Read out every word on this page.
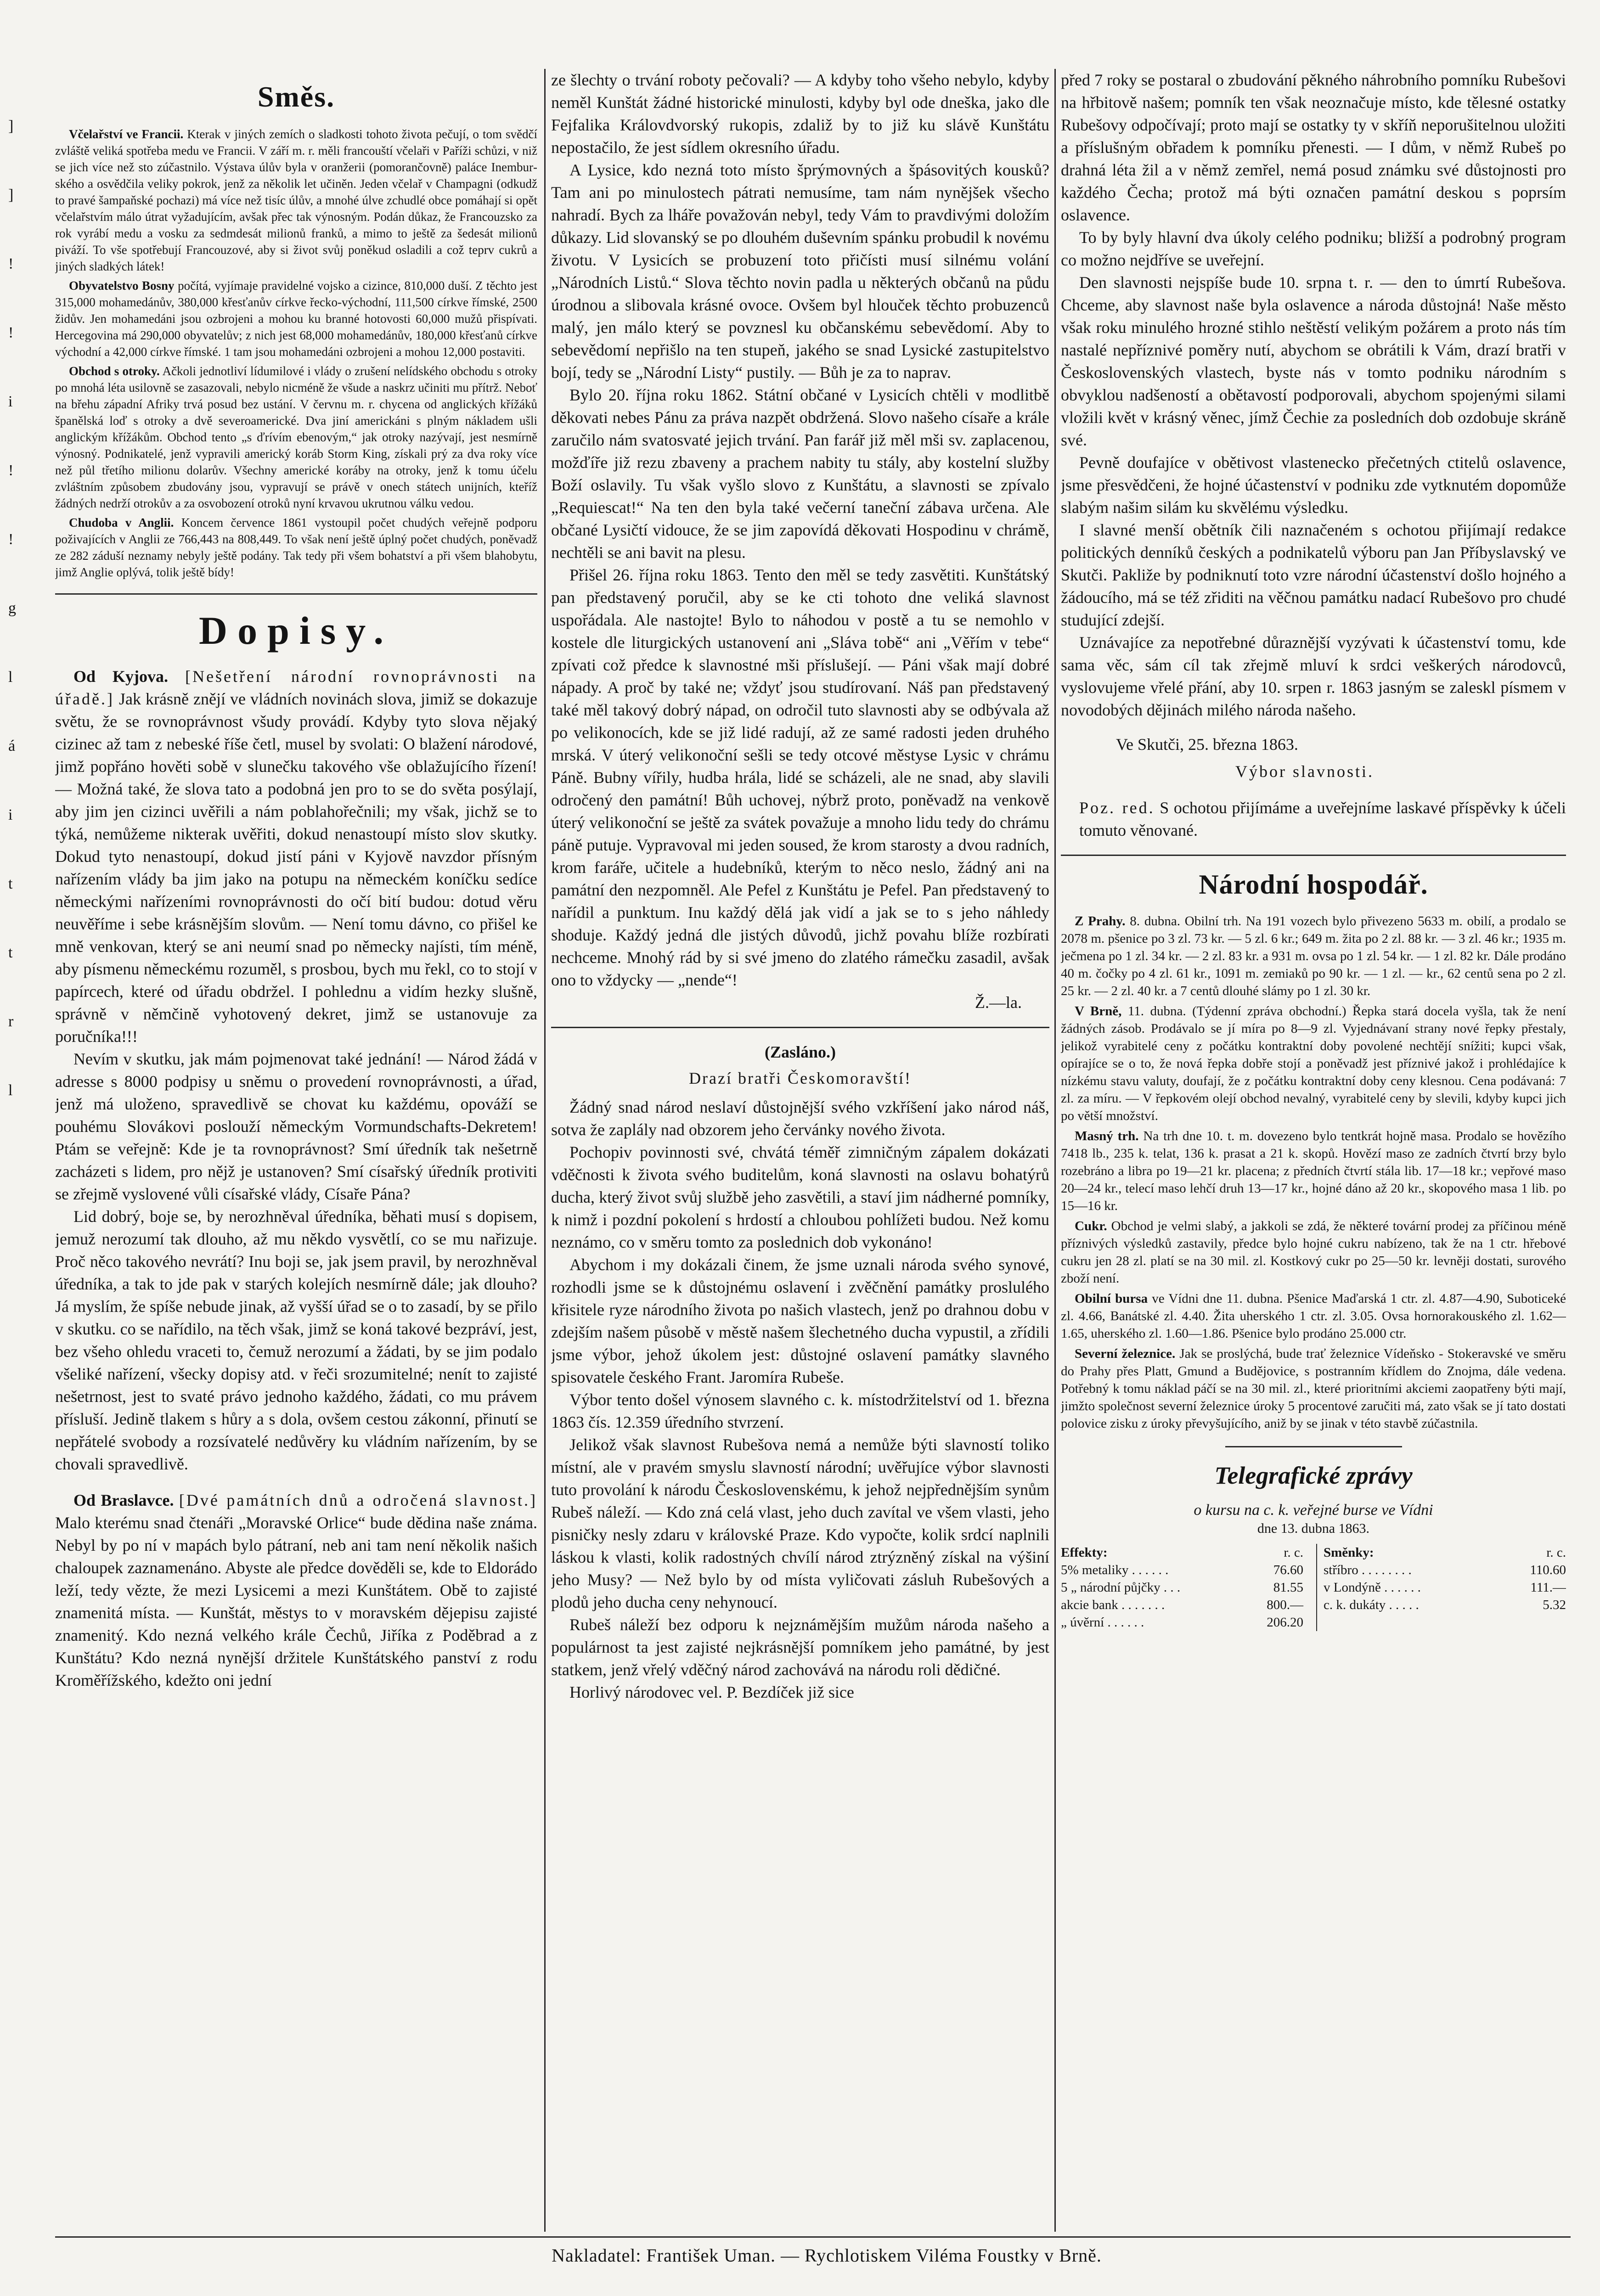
]
]
!
!
i
!
!
g
l
á
i
t
t
r
l
Směs.

Včelařství ve Francii. Kterak v jiných zemích o sladkosti tohoto života pečují, o tom svědčí zvláště veliká spotřeba medu ve Francii. V září m. r. měli francouští včelaři v Paříži schůzi, v niž se jich více než sto zúčastnilo. Výstava úlův byla v oranžerii (pomorančovně) paláce Inemburského a osvědčila veliky pokrok, jenž za několik let učiněn. Jeden včelař v Champagni (odkudž to pravé šampaňské pochazi) má více než tisíc úlův, a mnohé úlve zchudlé obce pomáhají si opět včelařstvím málo útrat vyžadujícím, avšak přec tak výnosným. Podán důkaz, že Francouzsko za rok vyrábí medu a vosku za sedmdesát milionů franků, a mimo to ještě za šedesát milionů piváží. To vše spotřebují Francouzové, aby si život svůj poněkud osladili a což teprv cukrů a jiných sladkých látek!

Obyvatelstvo Bosny počítá, vyjímaje pravidelné vojsko a cizince, 810,000 duší. Z těchto jest 315,000 mohamedánův, 380,000 křesťanův církve řecko-východní, 111,500 církve římské, 2500 židův. Jen mohamedáni jsou ozbrojeni a mohou ku branné hotovosti 60,000 mužů přispívati. Hercegovina má 290,000 obyvatelův; z nich jest 68,000 mohamedánův, 180,000 křesťanů církve východní a 42,000 církve římské. 1 tam jsou mohamedáni ozbrojeni a mohou 12,000 postaviti.

Obchod s otroky. Ačkoli jednotliví lídumilové i vlády o zrušení nelídského obchodu s otroky po mnohá léta usilovně se zasazovali, nebylo nicméně že všude a naskrz učiniti mu přítrž. Neboť na břehu západní Afriky trvá posud bez ustání. V červnu m. r. chycena od anglických křížáků španělská loď s otroky a dvě severoamerické. Dva jiní americkáni s plným nákladem ušli anglickým křížákům. Obchod tento „s ďrívím ebenovým,“ jak otroky nazývají, jest nesmírně výnosný. Podnikatelé, jenž vypravili americký koráb Storm King, získali prý za dva roky více než půl třetího milionu dolarův. Všechny americké koráby na otroky, jenž k tomu účelu zvláštním způsobem zbudovány jsou, vypravují se právě v onech státech unijních, kteříž žádných nedrží otrokův a za osvobození otroků nyní krvavou ukrutnou válku vedou.

Chudoba v Anglii. Koncem července 1861 vystoupil počet chudých veřejně podporu poživajících v Anglii ze 766,443 na 808,449. To však není ještě úplný počet chudých, poněvadž ze 282 záduší neznamy nebyly ještě podány. Tak tedy při všem bohatství a při všem blahobytu, jimž Anglie oplývá, tolik ještě bídy!

Dopisy.

Od Kyjova. [Nešetření národní rovnoprávnosti na úřadě.] Jak krásně znějí ve vládních novinách slova, jimiž se dokazuje světu, že se rovnoprávnost všudy provádí. Kdyby tyto slova nějaký cizinec až tam z nebeské říše četl, musel by svolati: O blažení národové, jimž popřáno hověti sobě v slunečku takového vše oblažujícího řízení! — Možná také, že slova tato a podobná jen pro to se do světa posýlají, aby jim jen cizinci uvěřili a nám poblahořečnili; my však, jichž se to týká, nemůžeme nikterak uvěřiti, dokud nenastoupí místo slov skutky. Dokud tyto nenastoupí, dokud jistí páni v Kyjově navzdor přísným nařízením vlády ba jim jako na potupu na německém koníčku sedíce německými nařízeními rovnoprávnosti do očí bití budou: dotud věru neuvěříme i sebe krásnějším slovům. — Není tomu dávno, co přišel ke mně venkovan, který se ani neumí snad po německy najísti, tím méně, aby písmenu německému rozuměl, s prosbou, bych mu řekl, co to stojí v papírcech, které od úřadu obdržel. I pohlednu a vidím hezky slušně, správně v němčině vyhotovený dekret, jimž se ustanovuje za poručníka!!!

Nevím v skutku, jak mám pojmenovat také jednání! — Národ žádá v adresse s 8000 podpisy u sněmu o provedení rovnoprávnosti, a úřad, jenž má uloženo, spravedlivě se chovat ku každému, opováží se pouhému Slovákovi poslouží německým Vormundschafts-Dekretem! Ptám se veřejně: Kde je ta rovnoprávnost? Smí úředník tak nešetrně zacházeti s lidem, pro nějž je ustanoven? Smí císařský úředník protiviti se zřejmě vyslovené vůli císařské vlády, Císaře Pána?

Lid dobrý, boje se, by nerozhněval úředníka, běhati musí s dopisem, jemuž nerozumí tak dlouho, až mu někdo vysvětlí, co se mu nařizuje. Proč něco takového nevrátí? Inu boji se, jak jsem pravil, by nerozhněval úředníka, a tak to jde pak v starých kolejích nesmírně dále; jak dlouho? Já myslím, že spíše nebude jinak, až vyšší úřad se o to zasadí, by se přilo v skutku. co se nařídilo, na těch však, jimž se koná takové bezpráví, jest, bez všeho ohledu vraceti to, čemuž nerozumí a žádati, by se jim podalo všeliké nařízení, všecky dopisy atd. v řeči srozumitelné; nenít to zajisté nešetrnost, jest to svaté právo jednoho každého, žádati, co mu právem přísluší. Jedině tlakem s hůry a s dola, ovšem cestou zákonní, přinutí se nepřátelé svobody a rozsívatelé nedůvěry ku vládním nařízením, by se chovali spravedlivě.

Od Braslavce. [Dvé památních dnů a odročená slavnost.] Malo kterému snad čtenáři „Moravské Orlice“ bude dědina naše známa. Nebyl by po ní v mapách bylo pátraní, neb ani tam není několik našich chaloupek zaznamenáno. Abyste ale předce dověděli se, kde to Eldorádo leží, tedy vězte, že mezi Lysicemi a mezi Kunštátem. Obě to zajisté znamenitá místa. — Kunštát, městys to v moravském dějepisu zajisté znamenitý. Kdo nezná velkého krále Čechů, Jiříka z Poděbrad a z Kunštátu? Kdo nezná nynější držitele Kunštátského panství z rodu Kroměřížského, kdežto oni jední

ze šlechty o trvání roboty pečovali? — A kdyby toho všeho nebylo, kdyby neměl Kunštát žádné historické minulosti, kdyby byl ode dneška, jako dle Fejfalika Královdvorský rukopis, zdaliž by to již ku slávě Kunštátu nepostačilo, že jest sídlem okresního úřadu.

A Lysice, kdo nezná toto místo šprýmovných a špásovitých kousků? Tam ani po minulostech pátrati nemusíme, tam nám nynějšek všecho nahradí. Bych za lháře považován nebyl, tedy Vám to pravdivými doložím důkazy. Lid slovanský se po dlouhém duševním spánku probudil k novému životu. V Lysicích se probuzení toto přičísti musí silnému volání „Národních Listů.“ Slova těchto novin padla u některých občanů na půdu úrodnou a slibovala krásné ovoce. Ovšem byl hlouček těchto probuzenců malý, jen málo který se povznesl ku občanskému sebevědomí. Aby to sebevědomí nepřišlo na ten stupeň, jakého se snad Lysické zastupitelstvo bojí, tedy se „Národní Listy“ pustily. — Bůh je za to naprav.

Bylo 20. října roku 1862. Státní občané v Lysicích chtěli v modlitbě děkovati nebes Pánu za práva nazpět obdržená. Slovo našeho císaře a krále zaručilo nám svatosvaté jejich trvání. Pan farář již měl mši sv. zaplacenou, možďíře již rezu zbaveny a prachem nabity tu stály, aby kostelní služby Boží oslavily. Tu však vyšlo slovo z Kunštátu, a slavnosti se zpívalo „Requiescat!“ Na ten den byla také večerní taneční zábava určena. Ale občané Lysičtí vidouce, že se jim zapovídá děkovati Hospodinu v chrámě, nechtěli se ani bavit na plesu.

Přišel 26. října roku 1863. Tento den měl se tedy zasvětiti. Kunštátský pan představený poručil, aby se ke cti tohoto dne veliká slavnost uspořádala. Ale nastojte! Bylo to náhodou v postě a tu se nemohlo v kostele dle liturgických ustanovení ani „Sláva tobě“ ani „Věřím v tebe“ zpívati což předce k slavnostné mši příslušejí. — Páni však mají dobré nápady. A proč by také ne; vždyť jsou studírovaní. Náš pan představený také měl takový dobrý nápad, on odročil tuto slavnosti aby se odbývala až po velikonocích, kde se již lidé radují, až ze samé radosti jeden druhého mrská. V úterý velikonoční sešli se tedy otcové městyse Lysic v chrámu Páně. Bubny vířily, hudba hrála, lidé se scházeli, ale ne snad, aby slavili odročený den památní! Bůh uchovej, nýbrž proto, poněvadž na venkově úterý velikonoční se ještě za svátek považuje a mnoho lidu tedy do chrámu páně putuje. Vypravoval mi jeden soused, že krom starosty a dvou radních, krom faráře, učitele a hudebníků, kterým to něco neslo, žádný ani na památní den nezpomněl. Ale Pefel z Kunštátu je Pefel. Pan představený to nařídil a punktum. Inu každý dělá jak vidí a jak se to s jeho náhledy shoduje. Každý jedná dle jistých důvodů, jichž povahu blíže rozbírati nechceme. Mnohý rád by si své jmeno do zlatého rámečku zasadil, avšak ono to vždycky — „nende“!

Ž.—la.

(Zasláno.)

Drazí bratři Českomoravští!

Žádný snad národ neslaví důstojnější svého vzkříšení jako národ náš, sotva že zaplály nad obzorem jeho červánky nového života.

Pochopiv povinnosti své, chvátá téměř zimničným zápalem dokázati vděčnosti k života svého buditelům, koná slavnosti na oslavu bohatýrů ducha, který život svůj službě jeho zasvětili, a staví jim nádherné pomníky, k nimž i pozdní pokolení s hrdostí a chloubou pohlížeti budou. Než komu neznámo, co v směru tomto za poslednich dob vykonáno!

Abychom i my dokázali činem, že jsme uznali národa svého synové, rozhodli jsme se k důstojnému oslavení i zvěčnění památky proslulého křisitele ryze národního života po našich vlastech, jenž po drahnou dobu v zdejším našem působě v městě našem šlechetného ducha vypustil, a zřídili jsme výbor, jehož úkolem jest: důstojné oslavení památky slavného spisovatele českého Frant. Jaromíra Rubeše.

Výbor tento došel výnosem slavného c. k. místodržitelství od 1. března 1863 čís. 12.359 úředního stvrzení.

Jelikož však slavnost Rubešova nemá a nemůže býti slavností toliko místní, ale v pravém smyslu slavností národní; uvěřujíce výbor slavnosti tuto provolání k národu Československému, k jehož nejpřednějším synům Rubeš náleží. — Kdo zná celá vlast, jeho duch zavítal ve všem vlasti, jeho pisničky nesly zdaru v královské Praze. Kdo vypočte, kolik srdcí naplnili láskou k vlasti, kolik radostných chvílí národ ztrýzněný získal na výšiní jeho Musy? — Než bylo by od místa vyličovati zásluh Rubešových a plodů jeho ducha ceny nehynoucí.

Rubeš náleží bez odporu k nejznámějším mužům národa našeho a populárnost ta jest zajisté nejkrásnější pomníkem jeho památné, by jest statkem, jenž vřelý vděčný národ zachovává na národu roli dědičné.

Horlivý národovec vel. P. Bezdíček již sice

před 7 roky se postaral o zbudování pěkného náhrobního pomníku Rubešovi na hřbitově našem; pomník ten však neoznačuje místo, kde tělesné ostatky Rubešovy odpočívají; proto mají se ostatky ty v skříň neporušitelnou uložiti a příslušným obřadem k pomníku přenesti. — I dům, v němž Rubeš po drahná léta žil a v němž zemřel, nemá posud známku své důstojnosti pro každého Čecha; protož má býti označen památní deskou s poprsím oslavence.

To by byly hlavní dva úkoly celého podniku; bližší a podrobný program co možno nejdříve se uveřejní.

Den slavnosti nejspíše bude 10. srpna t. r. — den to úmrtí Rubešova. Chceme, aby slavnost naše byla oslavence a národa důstojná! Naše město však roku minulého hrozné stihlo neštěstí velikým požárem a proto nás tím nastalé nepříznivé poměry nutí, abychom se obrátili k Vám, drazí bratři v Československých vlastech, byste nás v tomto podniku národním s obvyklou nadšeností a obětavostí podporovali, abychom spojenými silami vložili květ v krásný věnec, jímž Čechie za posledních dob ozdobuje skráně své.

Pevně doufajíce v obětivost vlastenecko přečetných ctitelů oslavence, jsme přesvědčeni, že hojné účastenství v podniku zde vytknutém dopomůže slabým našim silám ku skvělému výsledku.

I slavné menší obětník čili naznačeném s ochotou přijímají redakce politických denníků českých a podnikatelů výboru pan Jan Příbyslavský ve Skutči. Pakliže by podniknutí toto vzre národní účastenství došlo hojného a žádoucího, má se též zřiditi na věčnou památku nadací Rubešovo pro chudé studující zdejší.

Uznávajíce za nepotřebné důraznější vyzývati k účastenství tomu, kde sama věc, sám cíl tak zřejmě mluví k srdci veškerých národovců, vyslovujeme vřelé přání, aby 10. srpen r. 1863 jasným se zaleskl písmem v novodobých dějinách milého národa našeho.

Ve Skutči, 25. března 1863.

Výbor slavnosti.

Poz. red. S ochotou přijímáme a uveřejníme laskavé příspěvky k účeli tomuto věnované.

Národní hospodář.

Z Prahy. 8. dubna. Obilní trh. Na 191 vozech bylo přivezeno 5633 m. obilí, a prodalo se 2078 m. pšenice po 3 zl. 73 kr. — 5 zl. 6 kr.; 649 m. žita po 2 zl. 88 kr. — 3 zl. 46 kr.; 1935 m. ječmena po 1 zl. 34 kr. — 2 zl. 83 kr. a 931 m. ovsa po 1 zl. 54 kr. — 1 zl. 82 kr. Dále prodáno 40 m. čočky po 4 zl. 61 kr., 1091 m. zemiaků po 90 kr. — 1 zl. — kr., 62 centů sena po 2 zl. 25 kr. — 2 zl. 40 kr. a 7 centů dlouhé slámy po 1 zl. 30 kr.

V Brně, 11. dubna. (Týdenní zpráva obchodní.) Řepka stará docela vyšla, tak že není žádných zásob. Prodávalo se jí míra po 8—9 zl. Vyjednávaní strany nové řepky přestaly, jelikož vyrabitelé ceny z počátku kontraktní doby povolené nechtějí snížiti; kupci však, opírajíce se o to, že nová řepka dobře stojí a poněvadž jest příznivé jakož i prohlédajíce k nízkému stavu valuty, doufají, že z počátku kontraktní doby ceny klesnou. Cena podávaná: 7 zl. za míru. — V řepkovém olejí obchod nevalný, vyrabitelé ceny by slevili, kdyby kupci jich po větší množství.

Masný trh. Na trh dne 10. t. m. dovezeno bylo tentkrát hojně masa. Prodalo se hovězího 7418 lb., 235 k. telat, 136 k. prasat a 21 k. skopů. Hovězí maso ze zadních čtvrtí brzy bylo rozebráno a libra po 19—21 kr. placena; z předních čtvrtí stála lib. 17—18 kr.; vepřové maso 20—24 kr., telecí maso lehčí druh 13—17 kr., hojné dáno až 20 kr., skopového masa 1 lib. po 15—16 kr.

Cukr. Obchod je velmi slabý, a jakkoli se zdá, že některé tovární prodej za příčinou méně příznivých výsledků zastavily, předce bylo hojné cukru nabízeno, tak že na 1 ctr. hřebové cukru jen 28 zl. platí se na 30 mil. zl. Kostkový cukr po 25—50 kr. levněji dostati, surového zboží není.

Obilní bursa ve Vídni dne 11. dubna. Pšenice Maďarská 1 ctr. zl. 4.87—4.90, Suboticeké zl. 4.66, Banátské zl. 4.40. Žita uherského 1 ctr. zl. 3.05. Ovsa hornorakouského zl. 1.62—1.65, uherského zl. 1.60—1.86. Pšenice bylo prodáno 25.000 ctr.

Severní železnice. Jak se proslýchá, bude trať železnice Vídeňsko - Stokeravské ve směru do Prahy přes Platt, Gmund a Budějovice, s postranním křídlem do Znojma, dále vedena. Potřebný k tomu náklad páčí se na 30 mil. zl., které prioritními akciemi zaopatřeny býti mají, jimžto společnost severní železnice úroky 5 procentové zaručiti má, zato však se jí tato dostati polovice zisku z úroky převyšujícího, aniž by se jinak v této stavbě zúčastnila.

Telegrafické zprávy

o kursu na c. k. veřejné burse ve Vídni

dne 13. dubna 1863.

Effekty:	r. c.
5% metaliky . . . . . .	76.60
5 „ národní půjčky . . .	81.55
akcie bank . . . . . . .	800.—
„ úvěrní . . . . . .	206.20
Směnky:	r. c.
stříbro . . . . . . . .	110.60
v Londýně . . . . . .	111.—
c. k. dukáty . . . . .	5.32
Nakladatel: František Uman. — Rychlotiskem Viléma Foustky v Brně.
